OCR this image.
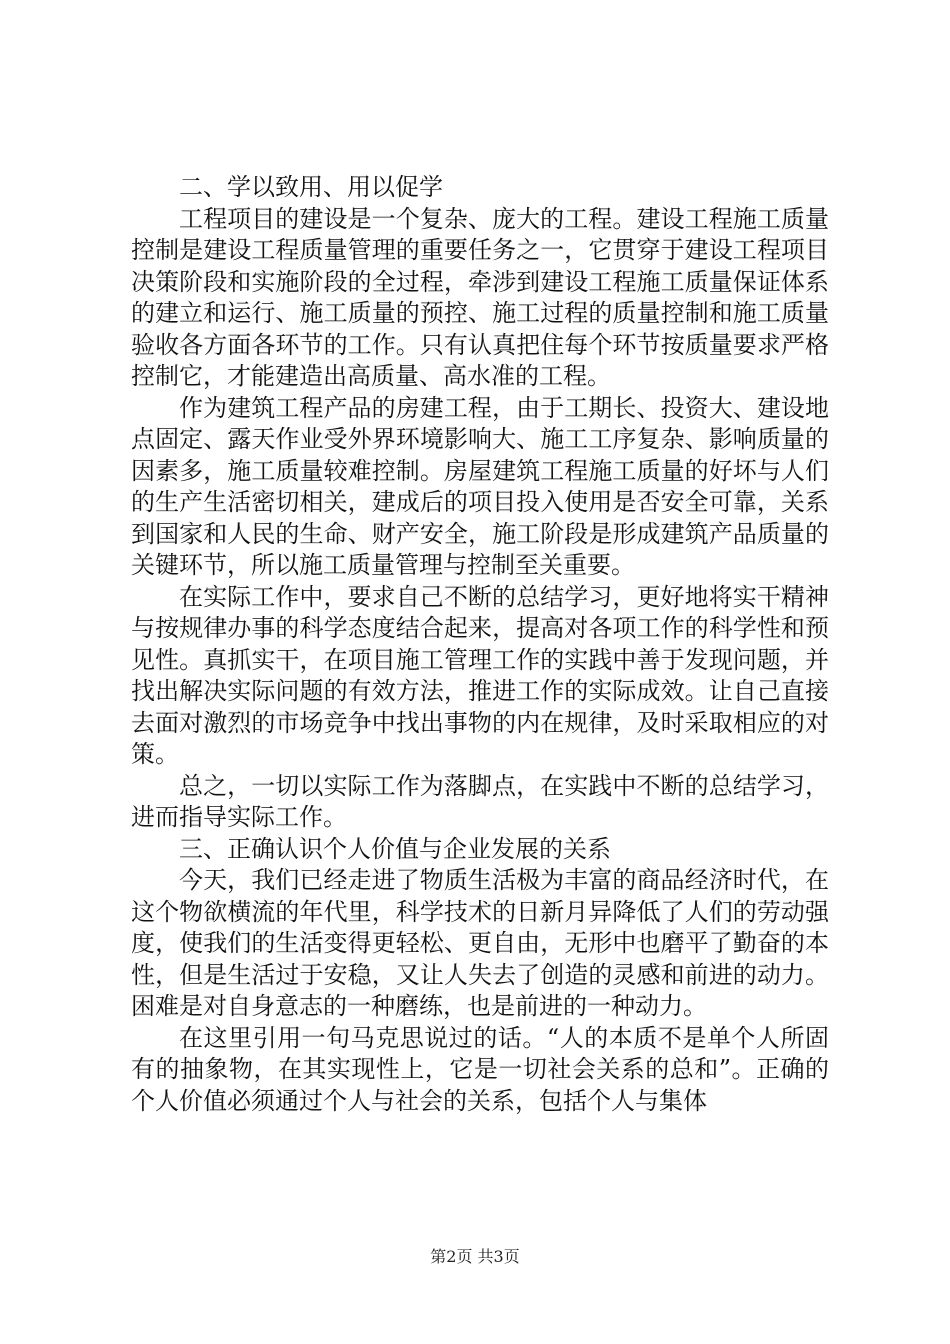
二、学以致用、用以促学

工程项目的建设是一个复杂、庞大的工程。建设工程施工质量控制是建设工程质量管理的重要任务之一，它贯穿于建设工程项目决策阶段和实施阶段的全过程，牵涉到建设工程施工质量保证体系的建立和运行、施工质量的预控、施工过程的质量控制和施工质量验收各方面各环节的工作。只有认真把住每个环节按质量要求严格控制它，才能建造出高质量、高水准的工程。

作为建筑工程产品的房建工程，由于工期长、投资大、建设地点固定、露天作业受外界环境影响大、施工工序复杂、影响质量的因素多，施工质量较难控制。房屋建筑工程施工质量的好坏与人们的生产生活密切相关，建成后的项目投入使用是否安全可靠，关系到国家和人民的生命、财产安全，施工阶段是形成建筑产品质量的关键环节，所以施工质量管理与控制至关重要。

在实际工作中，要求自己不断的总结学习，更好地将实干精神与按规律办事的科学态度结合起来，提高对各项工作的科学性和预见性。真抓实干，在项目施工管理工作的实践中善于发现问题，并找出解决实际问题的有效方法，推进工作的实际成效。让自己直接去面对激烈的市场竞争中找出事物的内在规律，及时采取相应的对策。

总之，一切以实际工作为落脚点，在实践中不断的总结学习，进而指导实际工作。

三、正确认识个人价值与企业发展的关系

今天，我们已经走进了物质生活极为丰富的商品经济时代，在这个物欲横流的年代里，科学技术的日新月异降低了人们的劳动强度，使我们的生活变得更轻松、更自由，无形中也磨平了勤奋的本性，但是生活过于安稳，又让人失去了创造的灵感和前进的动力。困难是对自身意志的一种磨练，也是前进的一种动力。

在这里引用一句马克思说过的话。“人的本质不是单个人所固有的抽象物，在其实现性上，它是一切社会关系的总和”。正确的个人价值必须通过个人与社会的关系，包括个人与集体

第2页 共3页
